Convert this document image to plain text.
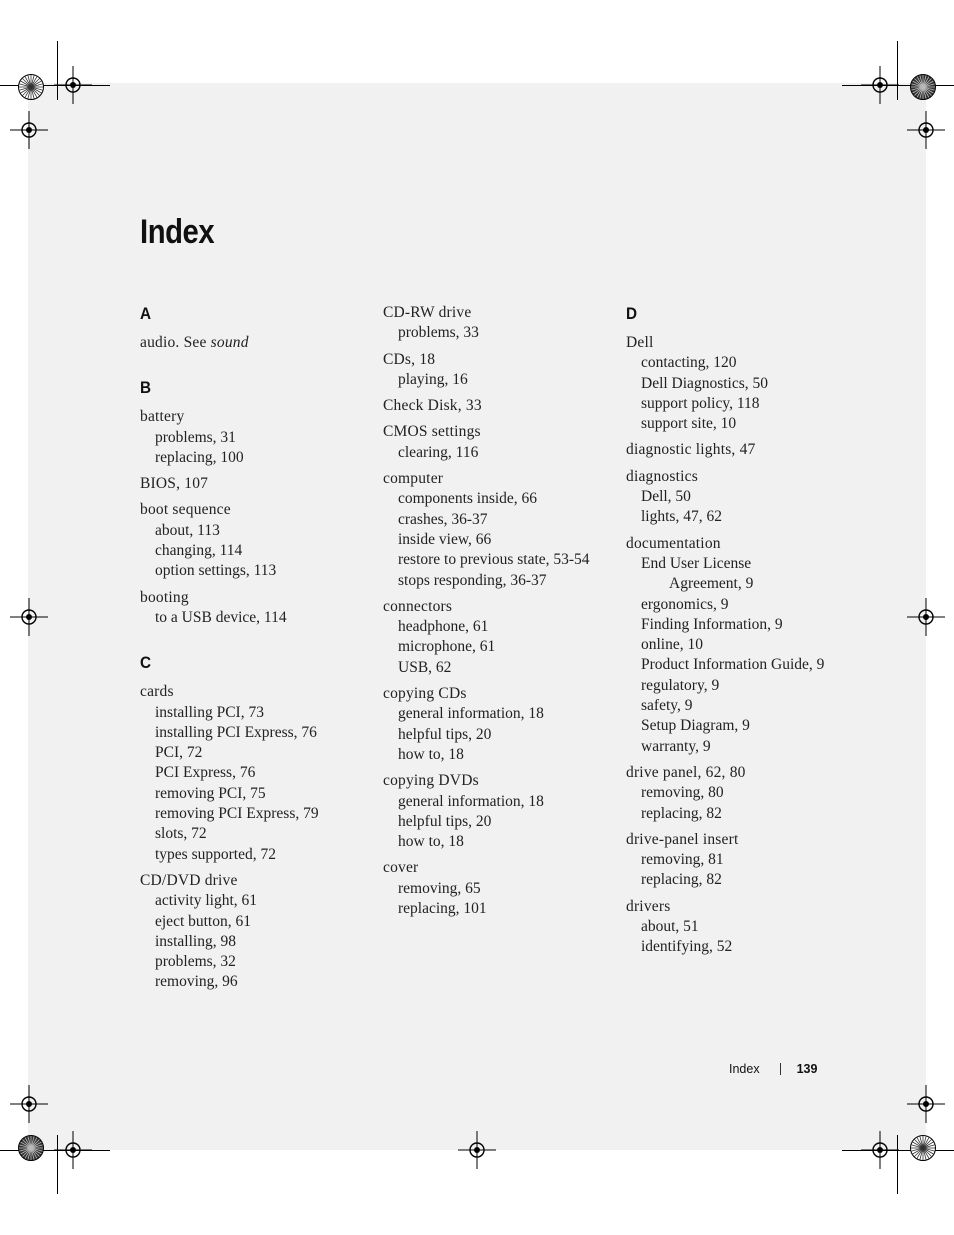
Index
A
audio. See sound
B
battery
problems, 31
replacing, 100
BIOS, 107
boot sequence
about, 113
changing, 114
option settings, 113
booting
to a USB device, 114
C
cards
installing PCI, 73
installing PCI Express, 76
PCI, 72
PCI Express, 76
removing PCI, 75
removing PCI Express, 79
slots, 72
types supported, 72
CD/DVD drive
activity light, 61
eject button, 61
installing, 98
problems, 32
removing, 96
CD-RW drive
problems, 33
CDs, 18
playing, 16
Check Disk, 33
CMOS settings
clearing, 116
computer
components inside, 66
crashes, 36-37
inside view, 66
restore to previous state, 53-54
stops responding, 36-37
connectors
headphone, 61
microphone, 61
USB, 62
copying CDs
general information, 18
helpful tips, 20
how to, 18
copying DVDs
general information, 18
helpful tips, 20
how to, 18
cover
removing, 65
replacing, 101
D
Dell
contacting, 120
Dell Diagnostics, 50
support policy, 118
support site, 10
diagnostic lights, 47
diagnostics
Dell, 50
lights, 47, 62
documentation
End User License
Agreement, 9
ergonomics, 9
Finding Information, 9
online, 10
Product Information Guide, 9
regulatory, 9
safety, 9
Setup Diagram, 9
warranty, 9
drive panel, 62, 80
removing, 80
replacing, 82
drive-panel insert
removing, 81
replacing, 82
drivers
about, 51
identifying, 52
Index	139
